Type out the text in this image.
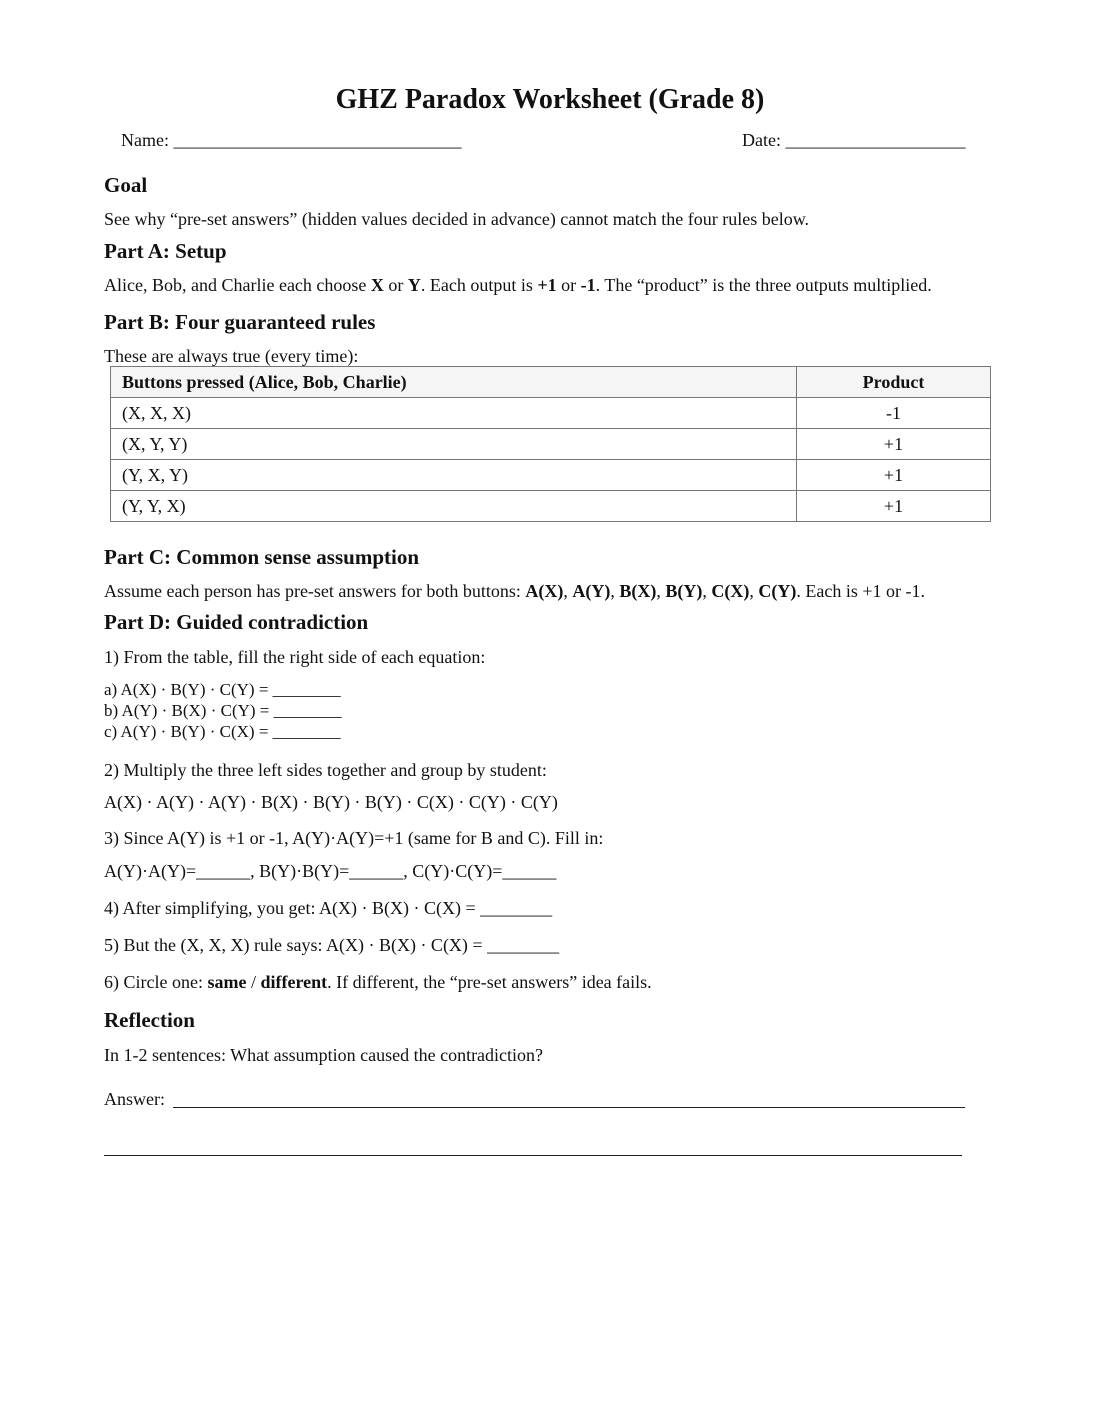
GHZ Paradox Worksheet (Grade 8)
Name: ________________________________	Date: ____________________
Goal
See why “pre-set answers” (hidden values decided in advance) cannot match the four rules below.
Part A: Setup
Alice, Bob, and Charlie each choose X or Y. Each output is +1 or -1. The “product” is the three outputs multiplied.
Part B: Four guaranteed rules
These are always true (every time):
Buttons pressed (Alice, Bob, Charlie)	Product
(X, X, X)	-1
(X, Y, Y)	+1
(Y, X, Y)	+1
(Y, Y, X)	+1
Part C: Common sense assumption
Assume each person has pre-set answers for both buttons: A(X), A(Y), B(X), B(Y), C(X), C(Y). Each is +1 or -1.
Part D: Guided contradiction
1) From the table, fill the right side of each equation:
a) A(X) · B(Y) · C(Y) = ________
b) A(Y) · B(X) · C(Y) = ________
c) A(Y) · B(Y) · C(X) = ________
2) Multiply the three left sides together and group by student:
A(X) · A(Y) · A(Y) · B(X) · B(Y) · B(Y) · C(X) · C(Y) · C(Y)
3) Since A(Y) is +1 or -1, A(Y)·A(Y)=+1 (same for B and C). Fill in:
A(Y)·A(Y)=______, B(Y)·B(Y)=______, C(Y)·C(Y)=______
4) After simplifying, you get: A(X) · B(X) · C(X) = ________
5) But the (X, X, X) rule says: A(X) · B(X) · C(X) = ________
6) Circle one: same / different. If different, the “pre-set answers” idea fails.
Reflection
In 1-2 sentences: What assumption caused the contradiction?
Answer:
